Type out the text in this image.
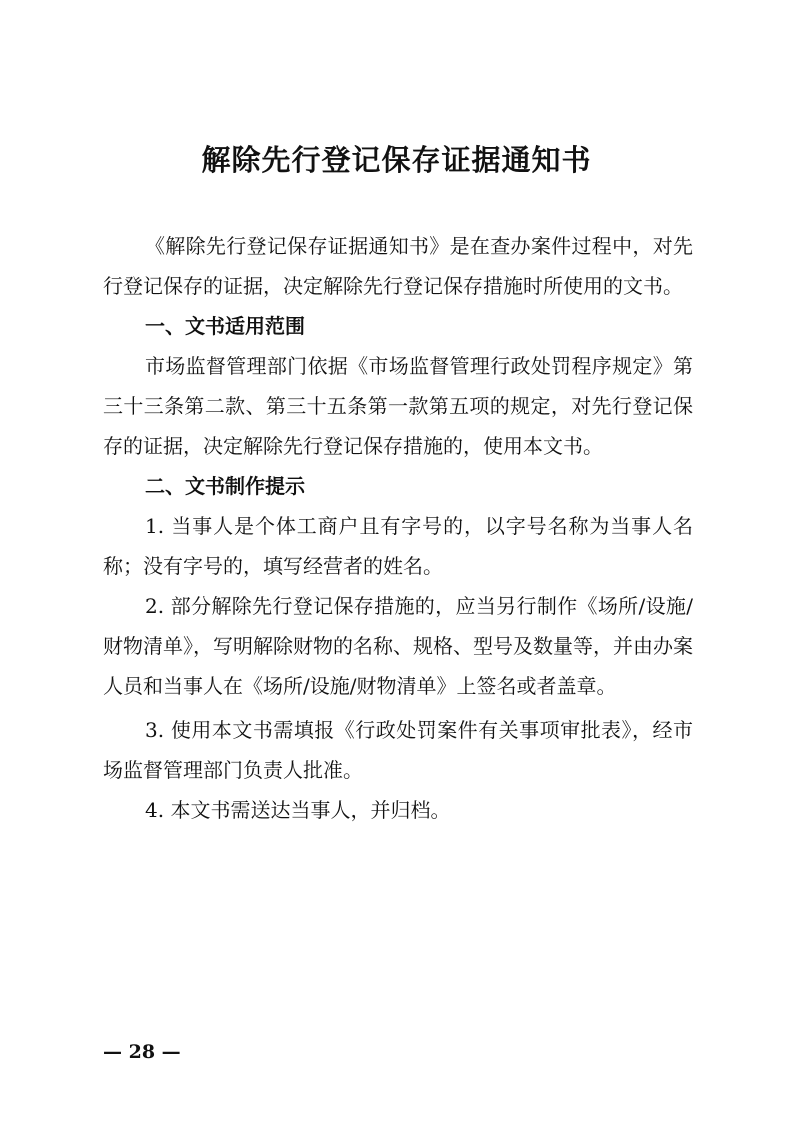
解除先行登记保存证据通知书

《解除先行登记保存证据通知书》是在查办案件过程中，对先行登记保存的证据，决定解除先行登记保存措施时所使用的文书。

一、文书适用范围

市场监督管理部门依据《市场监督管理行政处罚程序规定》第三十三条第二款、第三十五条第一款第五项的规定，对先行登记保存的证据，决定解除先行登记保存措施的，使用本文书。

二、文书制作提示

1. 当事人是个体工商户且有字号的，以字号名称为当事人名称；没有字号的，填写经营者的姓名。

2. 部分解除先行登记保存措施的，应当另行制作《场所/设施/财物清单》，写明解除财物的名称、规格、型号及数量等，并由办案人员和当事人在《场所/设施/财物清单》上签名或者盖章。

3. 使用本文书需填报《行政处罚案件有关事项审批表》，经市场监督管理部门负责人批准。

4. 本文书需送达当事人，并归档。

— 28 —
